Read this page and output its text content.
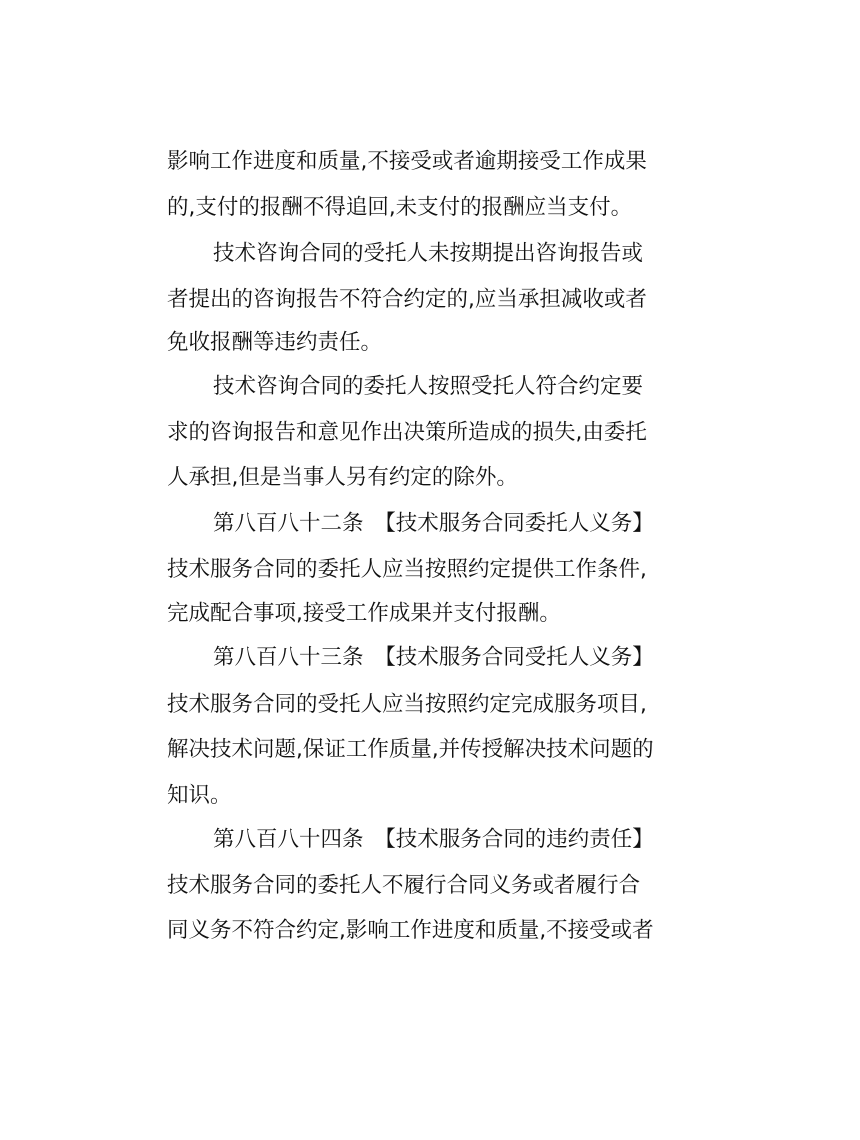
影响工作进度和质量,不接受或者逾期接受工作成果
的,支付的报酬不得追回,未支付的报酬应当支付。
技术咨询合同的受托人未按期提出咨询报告或
者提出的咨询报告不符合约定的,应当承担减收或者
免收报酬等违约责任。
技术咨询合同的委托人按照受托人符合约定要
求的咨询报告和意见作出决策所造成的损失,由委托
人承担,但是当事人另有约定的除外。
第八百八十二条　【技术服务合同委托人义务】
技术服务合同的委托人应当按照约定提供工作条件,
完成配合事项,接受工作成果并支付报酬。
第八百八十三条　【技术服务合同受托人义务】
技术服务合同的受托人应当按照约定完成服务项目,
解决技术问题,保证工作质量,并传授解决技术问题的
知识。
第八百八十四条　【技术服务合同的违约责任】
技术服务合同的委托人不履行合同义务或者履行合
同义务不符合约定,影响工作进度和质量,不接受或者
